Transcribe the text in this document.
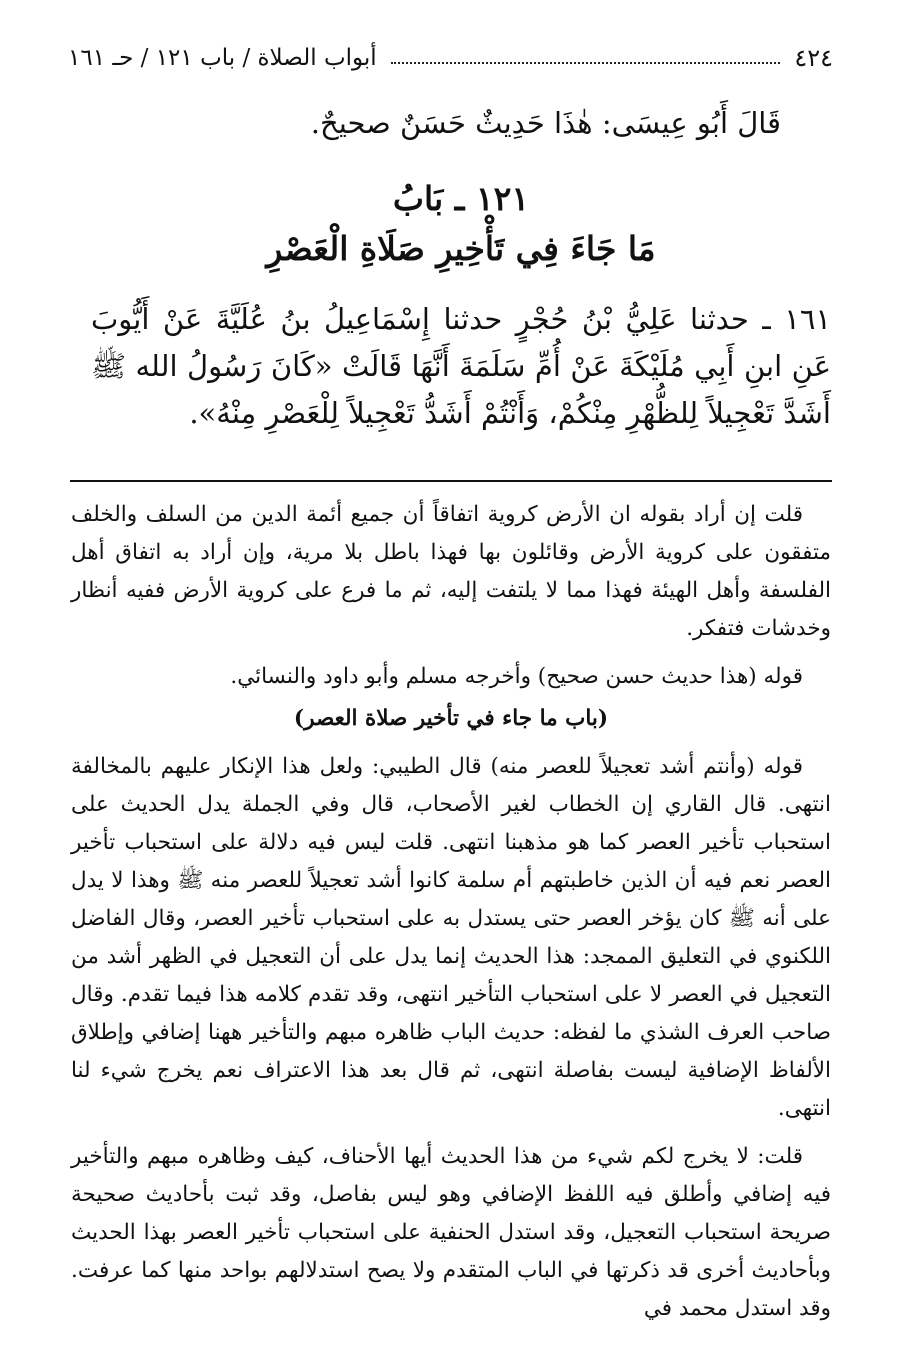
٤٢٤
أبواب الصلاة / باب ١٢١ / حـ ١٦١

قَالَ أَبُو عِيسَى: هٰذَا حَدِيثٌ حَسَنٌ صحيحٌ.

١٢١ ـ بَابُ
مَا جَاءَ فِي تَأْخِيرِ صَلَاةِ الْعَصْرِ

١٦١ ـ حدثنا عَلِيُّ بْنُ حُجْرٍ حدثنا إِسْمَاعِيلُ بنُ عُلَيَّةَ عَنْ أَيُّوبَ عَنِ ابنِ أَبِي مُلَيْكَةَ عَنْ أُمِّ سَلَمَةَ أَنَّهَا قَالَتْ «كَانَ رَسُولُ الله ﷺ أَشَدَّ تَعْجِيلاً لِلظُّهْرِ مِنْكُمْ، وَأَنْتُمْ أَشَدُّ تَعْجِيلاً لِلْعَصْرِ مِنْهُ».

قلت إن أراد بقوله ان الأرض كروية اتفاقاً أن جميع أئمة الدين من السلف والخلف متفقون على كروية الأرض وقائلون بها فهذا باطل بلا مرية، وإن أراد به اتفاق أهل الفلسفة وأهل الهيئة فهذا مما لا يلتفت إليه، ثم ما فرع على كروية الأرض ففيه أنظار وخدشات فتفكر.

قوله (هذا حديث حسن صحيح) وأخرجه مسلم وأبو داود والنسائي.

(باب ما جاء في تأخير صلاة العصر)

قوله (وأنتم أشد تعجيلاً للعصر منه) قال الطيبي: ولعل هذا الإنكار عليهم بالمخالفة انتهى. قال القاري إن الخطاب لغير الأصحاب، قال وفي الجملة يدل الحديث على استحباب تأخير العصر كما هو مذهبنا انتهى. قلت ليس فيه دلالة على استحباب تأخير العصر نعم فيه أن الذين خاطبتهم أم سلمة كانوا أشد تعجيلاً للعصر منه ﷺ وهذا لا يدل على أنه ﷺ كان يؤخر العصر حتى يستدل به على استحباب تأخير العصر، وقال الفاضل اللكنوي في التعليق الممجد: هذا الحديث إنما يدل على أن التعجيل في الظهر أشد من التعجيل في العصر لا على استحباب التأخير انتهى، وقد تقدم كلامه هذا فيما تقدم. وقال صاحب العرف الشذي ما لفظه: حديث الباب ظاهره مبهم والتأخير ههنا إضافي وإطلاق الألفاظ الإضافية ليست بفاصلة انتهى، ثم قال بعد هذا الاعتراف نعم يخرج شيء لنا انتهى.

قلت: لا يخرج لكم شيء من هذا الحديث أيها الأحناف، كيف وظاهره مبهم والتأخير فيه إضافي وأطلق فيه اللفظ الإضافي وهو ليس بفاصل، وقد ثبت بأحاديث صحيحة صريحة استحباب التعجيل، وقد استدل الحنفية على استحباب تأخير العصر بهذا الحديث وبأحاديث أخرى قد ذكرتها في الباب المتقدم ولا يصح استدلالهم بواحد منها كما عرفت. وقد استدل محمد في
